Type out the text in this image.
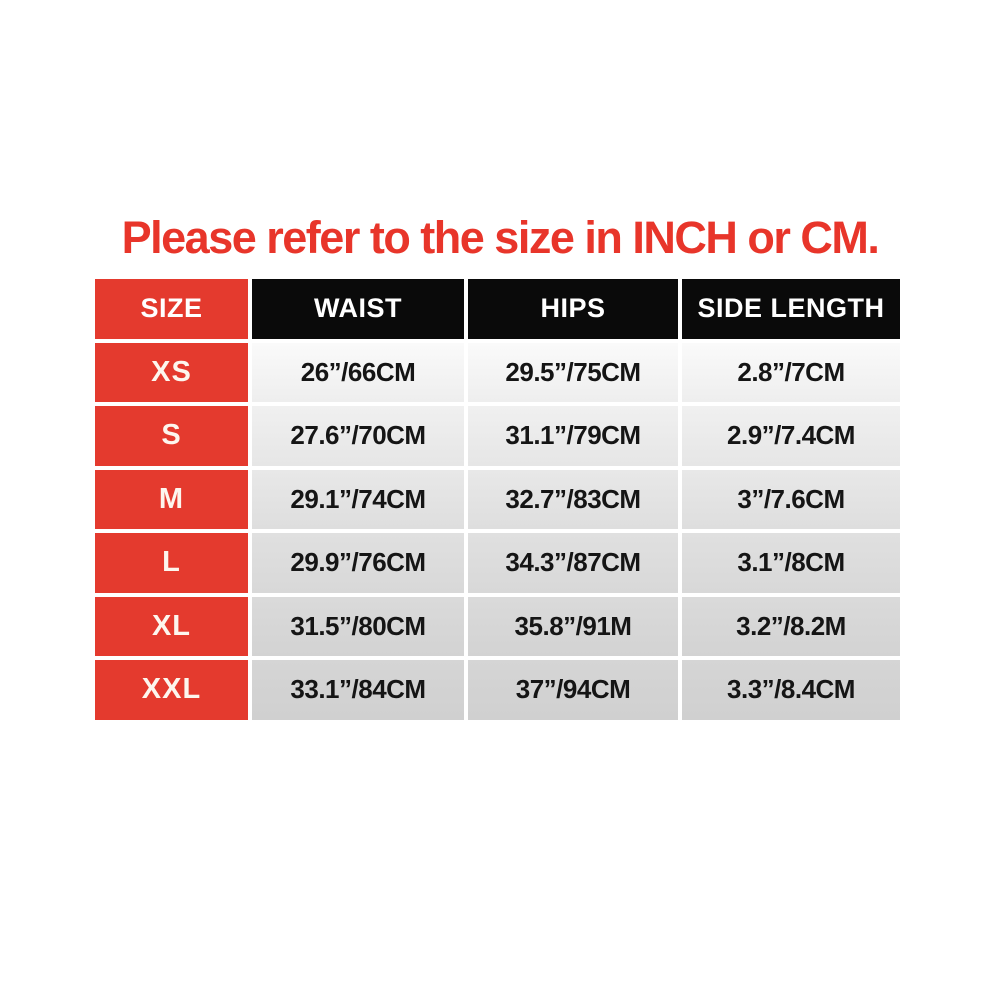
Please refer to the size in INCH or CM.
SIZE	WAIST	HIPS	SIDE LENGTH
XS	26”/66CM	29.5”/75CM	2.8”/7CM
S	27.6”/70CM	31.1”/79CM	2.9”/7.4CM
M	29.1”/74CM	32.7”/83CM	3”/7.6CM
L	29.9”/76CM	34.3”/87CM	3.1”/8CM
XL	31.5”/80CM	35.8”/91M	3.2”/8.2M
XXL	33.1”/84CM	37”/94CM	3.3”/8.4CM
